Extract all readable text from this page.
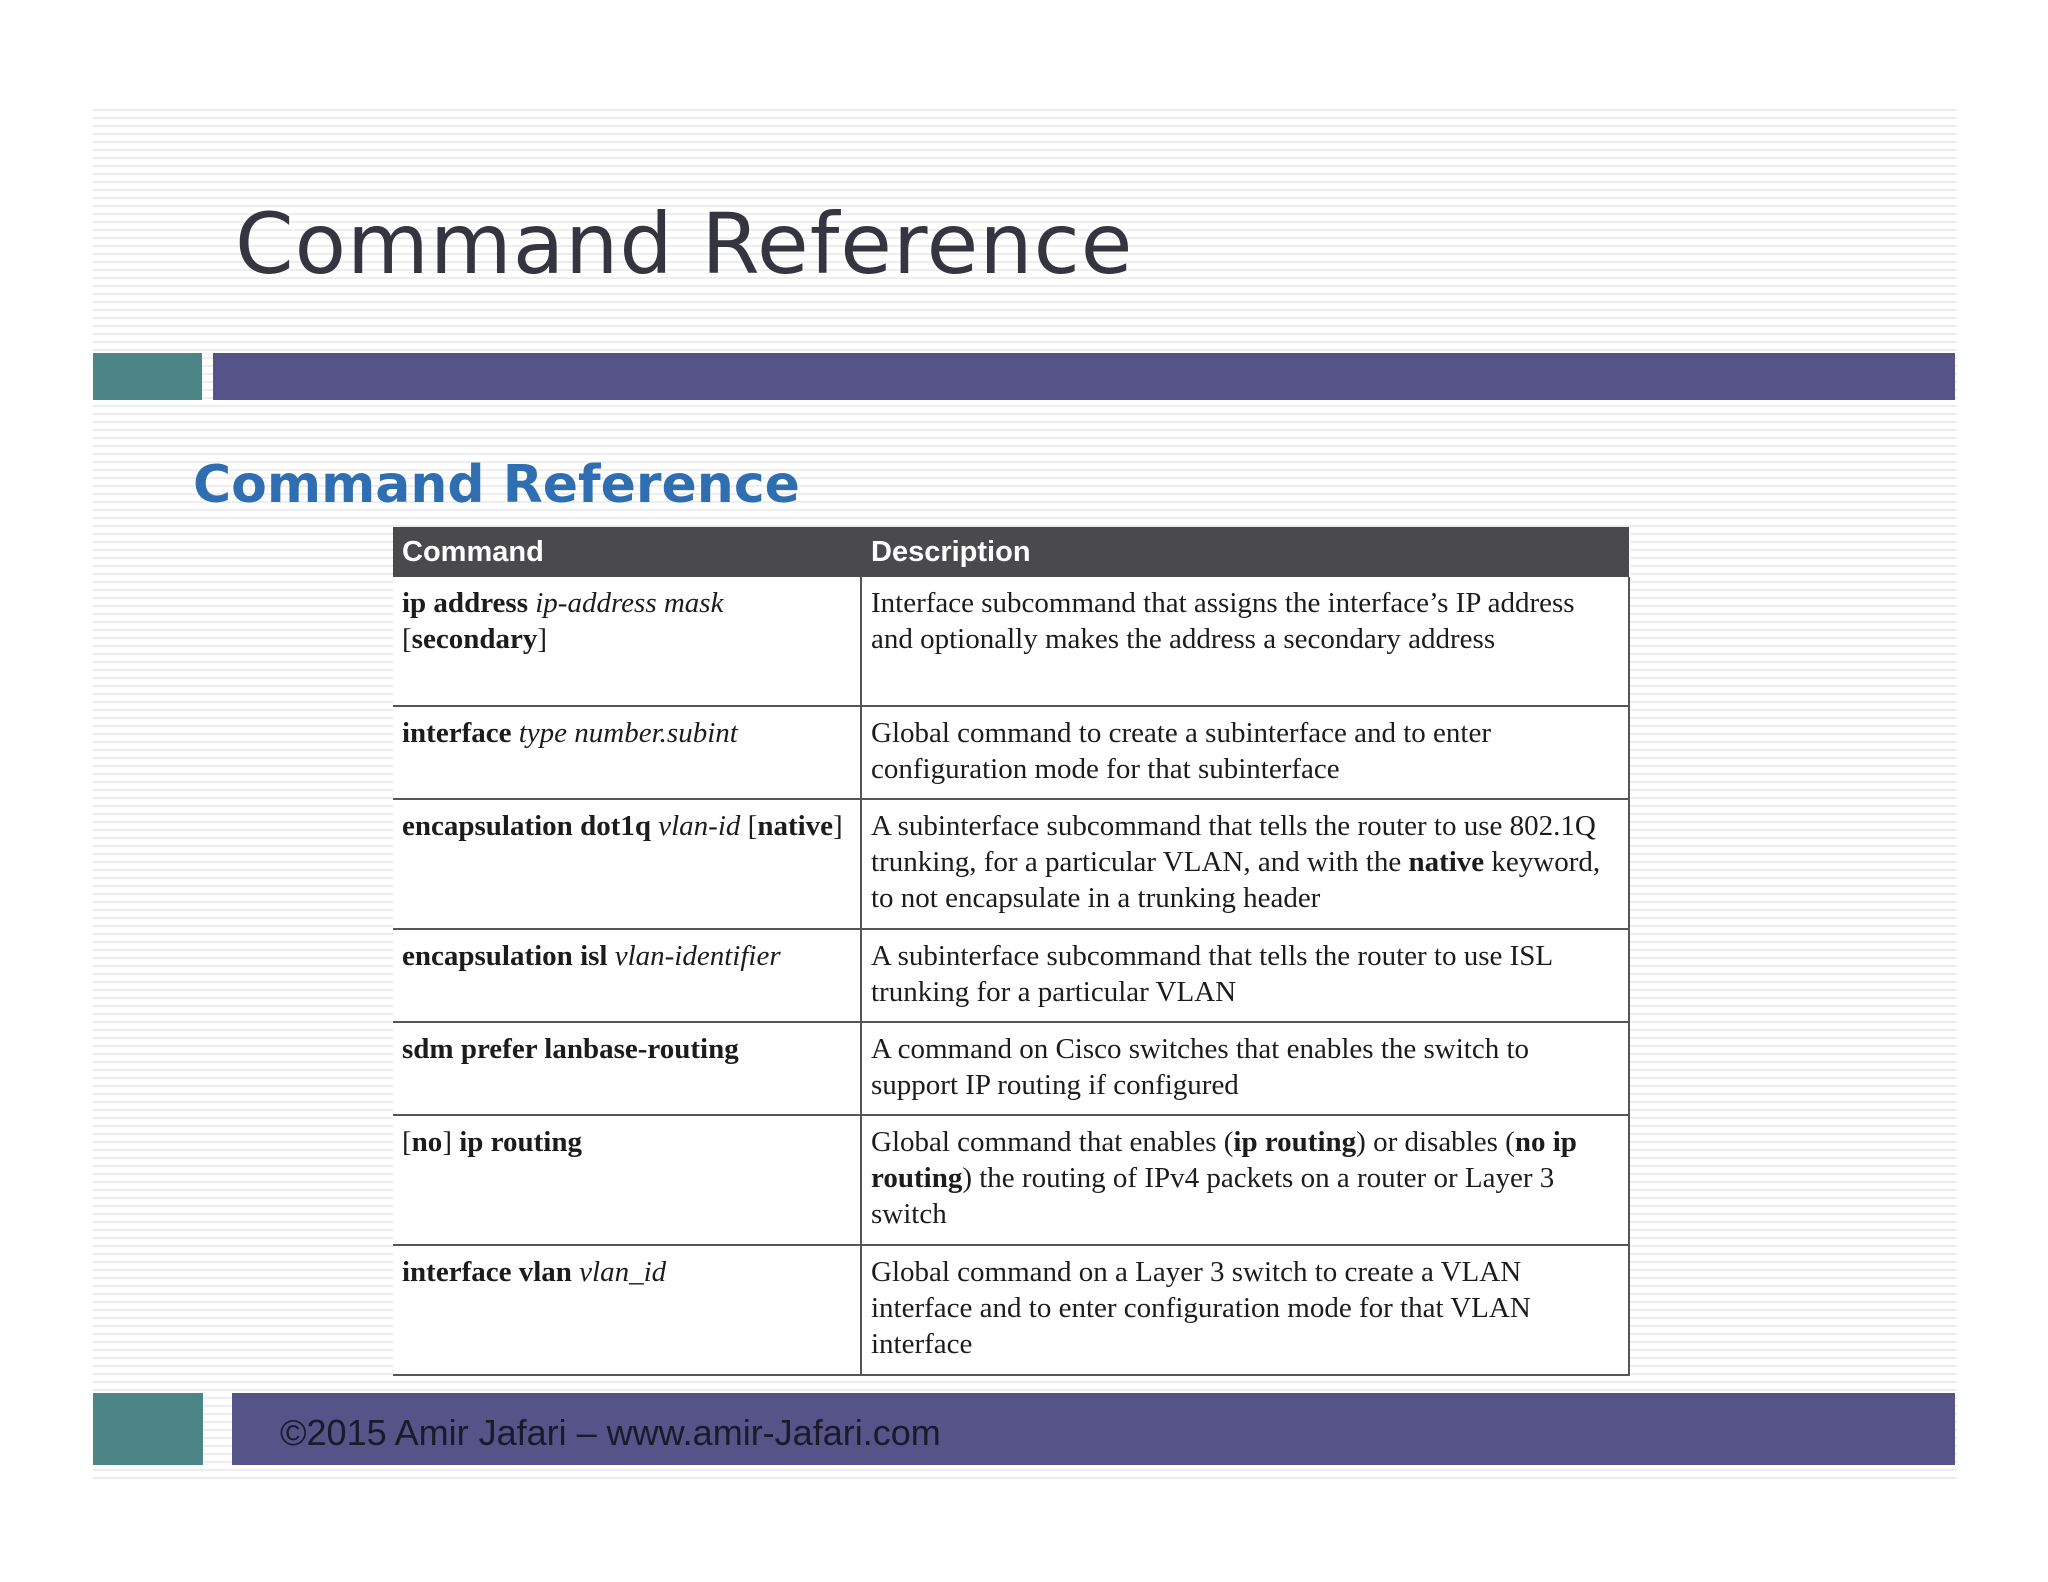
Command Reference
Command Reference
Command	Description
ip address ip-address mask [secondary]	Interface subcommand that assigns the interface’s IP address and optionally makes the address a secondary address
interface type number.subint	Global command to create a subinterface and to enter configuration mode for that subinterface
encapsulation dot1q vlan-id [native]	A subinterface subcommand that tells the router to use 802.1Q trunking, for a particular VLAN, and with the native keyword, to not encapsulate in a trunking header
encapsulation isl vlan-identifier	A subinterface subcommand that tells the router to use ISL trunking for a particular VLAN
sdm prefer lanbase-routing	A command on Cisco switches that enables the switch to support IP routing if configured
[no] ip routing	Global command that enables (ip routing) or disables (no ip routing) the routing of IPv4 packets on a router or Layer 3 switch
interface vlan vlan_id	Global command on a Layer 3 switch to create a VLAN interface and to enter configuration mode for that VLAN interface
©2015 Amir Jafari – www.amir-Jafari.com
